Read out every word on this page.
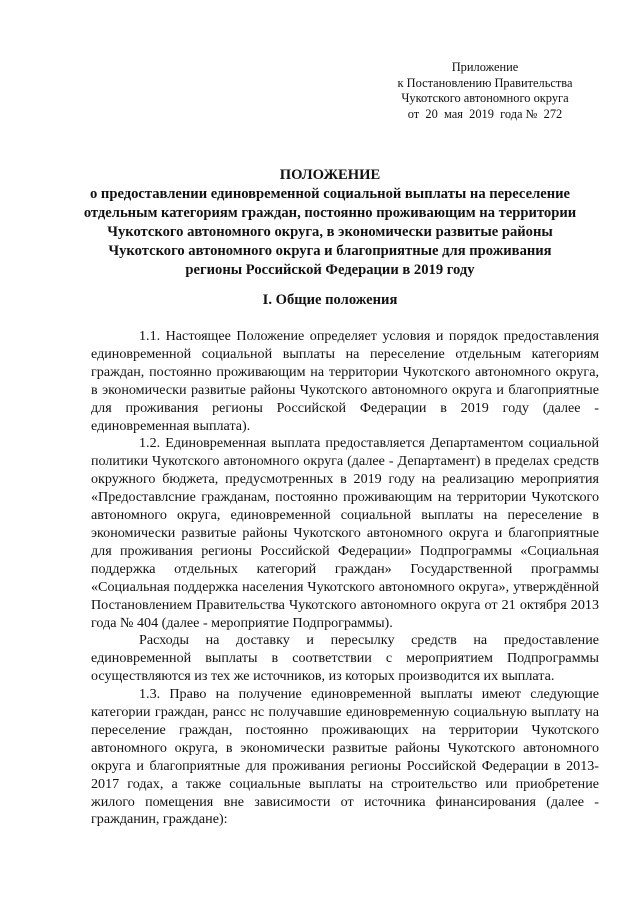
Приложение
к Постановлению Правительства
Чукотского автономного округа
от  20  мая  2019  года №  272
ПОЛОЖЕНИЕ
о предоставлении единовременной социальной выплаты на переселение
отдельным категориям граждан, постоянно проживающим на территории
Чукотского автономного округа, в экономически развитые районы
Чукотского автономного округа и благоприятные для проживания
регионы Российской Федерации в 2019 году
I. Общие положения

1.1. Настоящее Положение определяет условия и порядок предоставления единовременной социальной выплаты на переселение отдельным категориям граждан, постоянно проживающим на территории Чукотского автономного округа, в экономически развитые районы Чукотского автономного округа и благоприятные для проживания регионы Российской Федерации в 2019 году (далее - единовременная выплата).

1.2. Единовременная выплата предоставляется Департаментом социальной политики Чукотского автономного округа (далее - Департамент) в пределах средств окружного бюджета, предусмотренных в 2019 году на реализацию мероприятия «Предоставлсние гражданам, постоянно проживающим на территории Чукотского автономного округа, единовременной социальной выплаты на переселение в экономически развитые районы Чукотского автономного округа и благоприятные для проживания регионы Российской Федерации» Подпрограммы «Социальная поддержка отдельных категорий граждан» Государственной программы «Социальная поддержка населения Чукотского автономного округа», утверждённой Постановлением Правительства Чукотского автономного округа от 21 октября 2013 года № 404 (далее - мероприятие Подпрограммы).

Расходы на доставку и пересылку средств на предоставление единовременной выплаты в соответствии с мероприятием Подпрограммы осуществляются из тех же источников, из которых производится их выплата.

1.3. Право на получение единовременной выплаты имеют следующие категории граждан, рансс нс получавшие единовременную социальную выплату на переселение граждан, постоянно проживающих на территории Чукотского автономного округа, в экономически развитые районы Чукотского автономного округа и благоприятные для проживания регионы Российской Федерации в 2013-2017 годах, а также социальные выплаты на строительство или приобретение жилого помещения вне зависимости от источника финансирования (далее - гражданин, граждане):
